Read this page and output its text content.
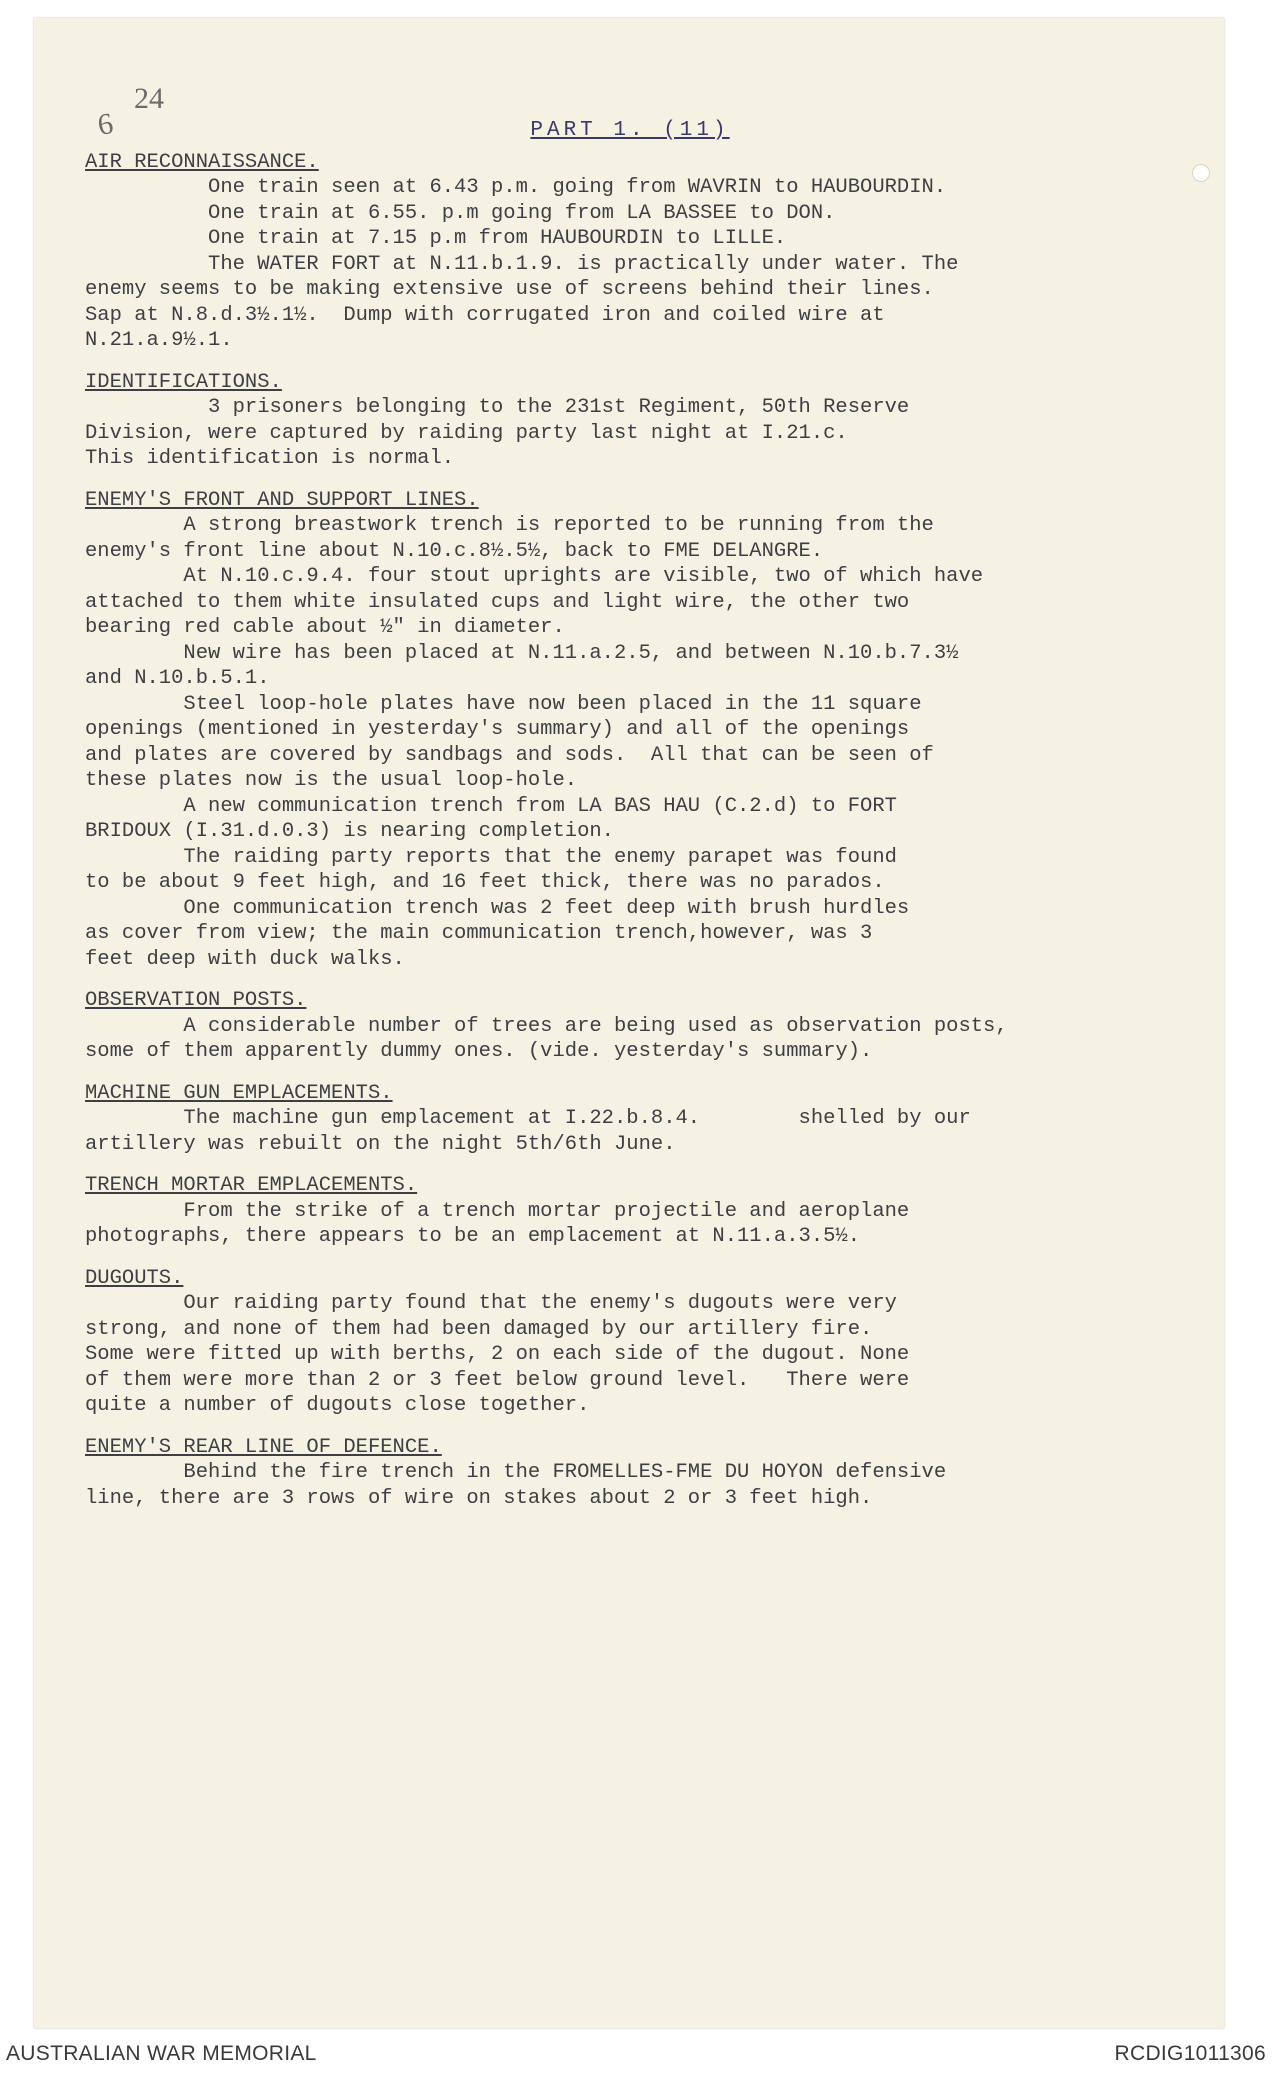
24
6	PART 1. (11)
AIR RECONNAISSANCE.
One train seen at 6.43 p.m. going from WAVRIN to HAUBOURDIN.
One train at 6.55. p.m going from LA BASSEE to DON.
One train at 7.15 p.m from HAUBOURDIN to LILLE.
The WATER FORT at N.11.b.1.9. is practically under water. The
enemy seems to be making extensive use of screens behind their lines.
Sap at N.8.d.3½.1½.  Dump with corrugated iron and coiled wire at
N.21.a.9½.1.
IDENTIFICATIONS.
3 prisoners belonging to the 231st Regiment, 50th Reserve
Division, were captured by raiding party last night at I.21.c.
This identification is normal.
ENEMY'S FRONT AND SUPPORT LINES.
A strong breastwork trench is reported to be running from the
enemy's front line about N.10.c.8½.5½, back to FME DELANGRE.
At N.10.c.9.4. four stout uprights are visible, two of which have
attached to them white insulated cups and light wire, the other two
bearing red cable about ½" in diameter.
New wire has been placed at N.11.a.2.5, and between N.10.b.7.3½
and N.10.b.5.1.
Steel loop-hole plates have now been placed in the 11 square
openings (mentioned in yesterday's summary) and all of the openings
and plates are covered by sandbags and sods.  All that can be seen of
these plates now is the usual loop-hole.
A new communication trench from LA BAS HAU (C.2.d) to FORT
BRIDOUX (I.31.d.0.3) is nearing completion.
The raiding party reports that the enemy parapet was found
to be about 9 feet high, and 16 feet thick, there was no parados.
One communication trench was 2 feet deep with brush hurdles
as cover from view; the main communication trench,however, was 3
feet deep with duck walks.
OBSERVATION POSTS.
A considerable number of trees are being used as observation posts,
some of them apparently dummy ones. (vide. yesterday's summary).
MACHINE GUN EMPLACEMENTS.
The machine gun emplacement at I.22.b.8.4.        shelled by our
artillery was rebuilt on the night 5th/6th June.
TRENCH MORTAR EMPLACEMENTS.
From the strike of a trench mortar projectile and aeroplane
photographs, there appears to be an emplacement at N.11.a.3.5½.
DUGOUTS.
Our raiding party found that the enemy's dugouts were very
strong, and none of them had been damaged by our artillery fire.
Some were fitted up with berths, 2 on each side of the dugout. None
of them were more than 2 or 3 feet below ground level.   There were
quite a number of dugouts close together.
ENEMY'S REAR LINE OF DEFENCE.
Behind the fire trench in the FROMELLES-FME DU HOYON defensive
line, there are 3 rows of wire on stakes about 2 or 3 feet high.
AUSTRALIAN WAR MEMORIAL	RCDIG1011306
